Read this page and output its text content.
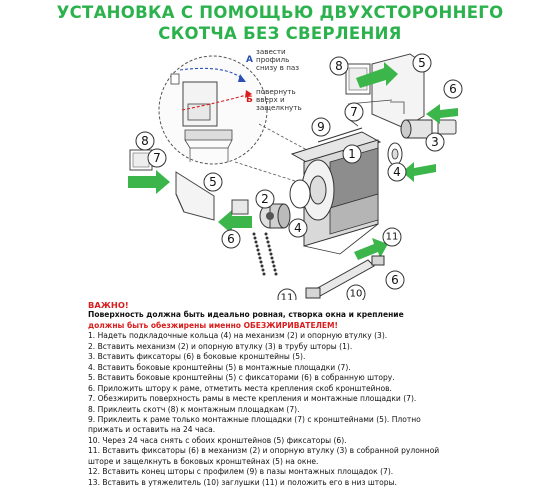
УСТАНОВКА С ПОМОЩЬЮ ДВУХСТОРОННЕГО
СКОТЧА БЕЗ СВЕРЛЕНИЯ
А
завести
профиль
снизу в паз
Б
повернуть
вверх и
защелкнуть
1
2
3
4
4
5
5
6
6
6
7
7
8
8
9
10
11
11
ВАЖНО!
Поверхность должна быть идеально ровная, створка окна и крепление
должны быть обезжирены именно ОБЕЗЖИРИВАТЕЛЕМ!
1. Надеть подкладочные кольца (4) на механизм (2) и опорную втулку (3).
2. Вставить механизм (2) и опорную втулку (3) в трубу шторы (1).
3. Вставить фиксаторы (6) в боковые кронштейны (5).
4. Вставить боковые кронштейны (5) в монтажные площадки (7).
5. Вставить боковые кронштейны (5) с фиксаторами (6) в собранную штору.
6. Приложить штору к раме, отметить места крепления скоб кронштейнов.
7. Обезжирить поверхность рамы в месте крепления и монтажные площадки (7).
8. Приклеить скотч (8) к монтажным площадкам (7).
9. Приклеить к раме только монтажные площадки (7) с кронштейнами (5). Плотно
прижать и оставить на 24 часа.
10. Через 24 часа снять с обоих кронштейнов (5) фиксаторы (6).
11. Вставить фиксаторы (6) в механизм (2) и опорную втулку (3) в собранной рулонной
штоpе и защелкнуть в боковых кронштейнах (5) на окне.
12. Вставить конец шторы с профилем (9) в пазы монтажных площадок (7).
13. Вставить в утяжелитель (10) заглушки (11) и положить его в низ шторы.
